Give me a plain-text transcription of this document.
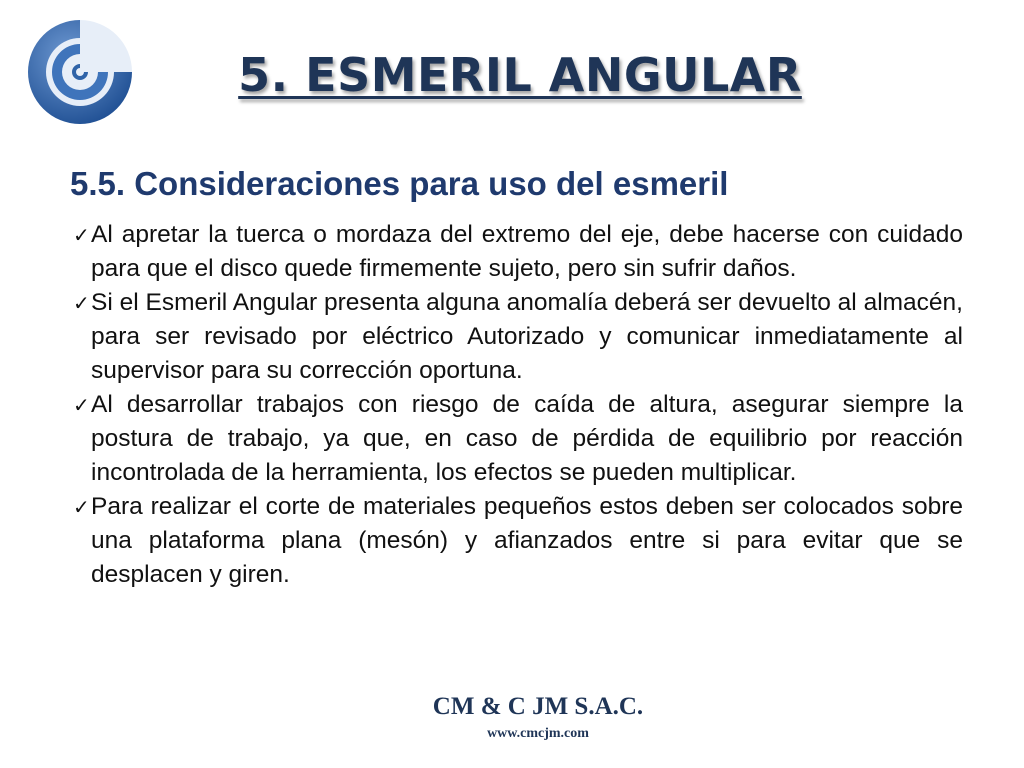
5. ESMERIL ANGULAR
5.5. Consideraciones para uso del esmeril
✓ Al apretar la tuerca o mordaza del extremo del eje, debe hacerse con cuidado para que el disco quede firmemente sujeto, pero sin sufrir daños.
✓ Si el Esmeril Angular presenta alguna anomalía deberá ser devuelto al almacén, para ser revisado por eléctrico Autorizado y comunicar inmediatamente al supervisor para su corrección oportuna.
✓ Al desarrollar trabajos con riesgo de caída de altura, asegurar siempre la postura de trabajo, ya que, en caso de pérdida de equilibrio por reacción incontrolada de la herramienta, los efectos se pueden multiplicar.
✓ Para realizar el corte de materiales pequeños estos deben ser colocados sobre una plataforma plana (mesón) y afianzados entre si para evitar que se desplacen y giren.
CM & C JM S.A.C.
www.cmcjm.com
